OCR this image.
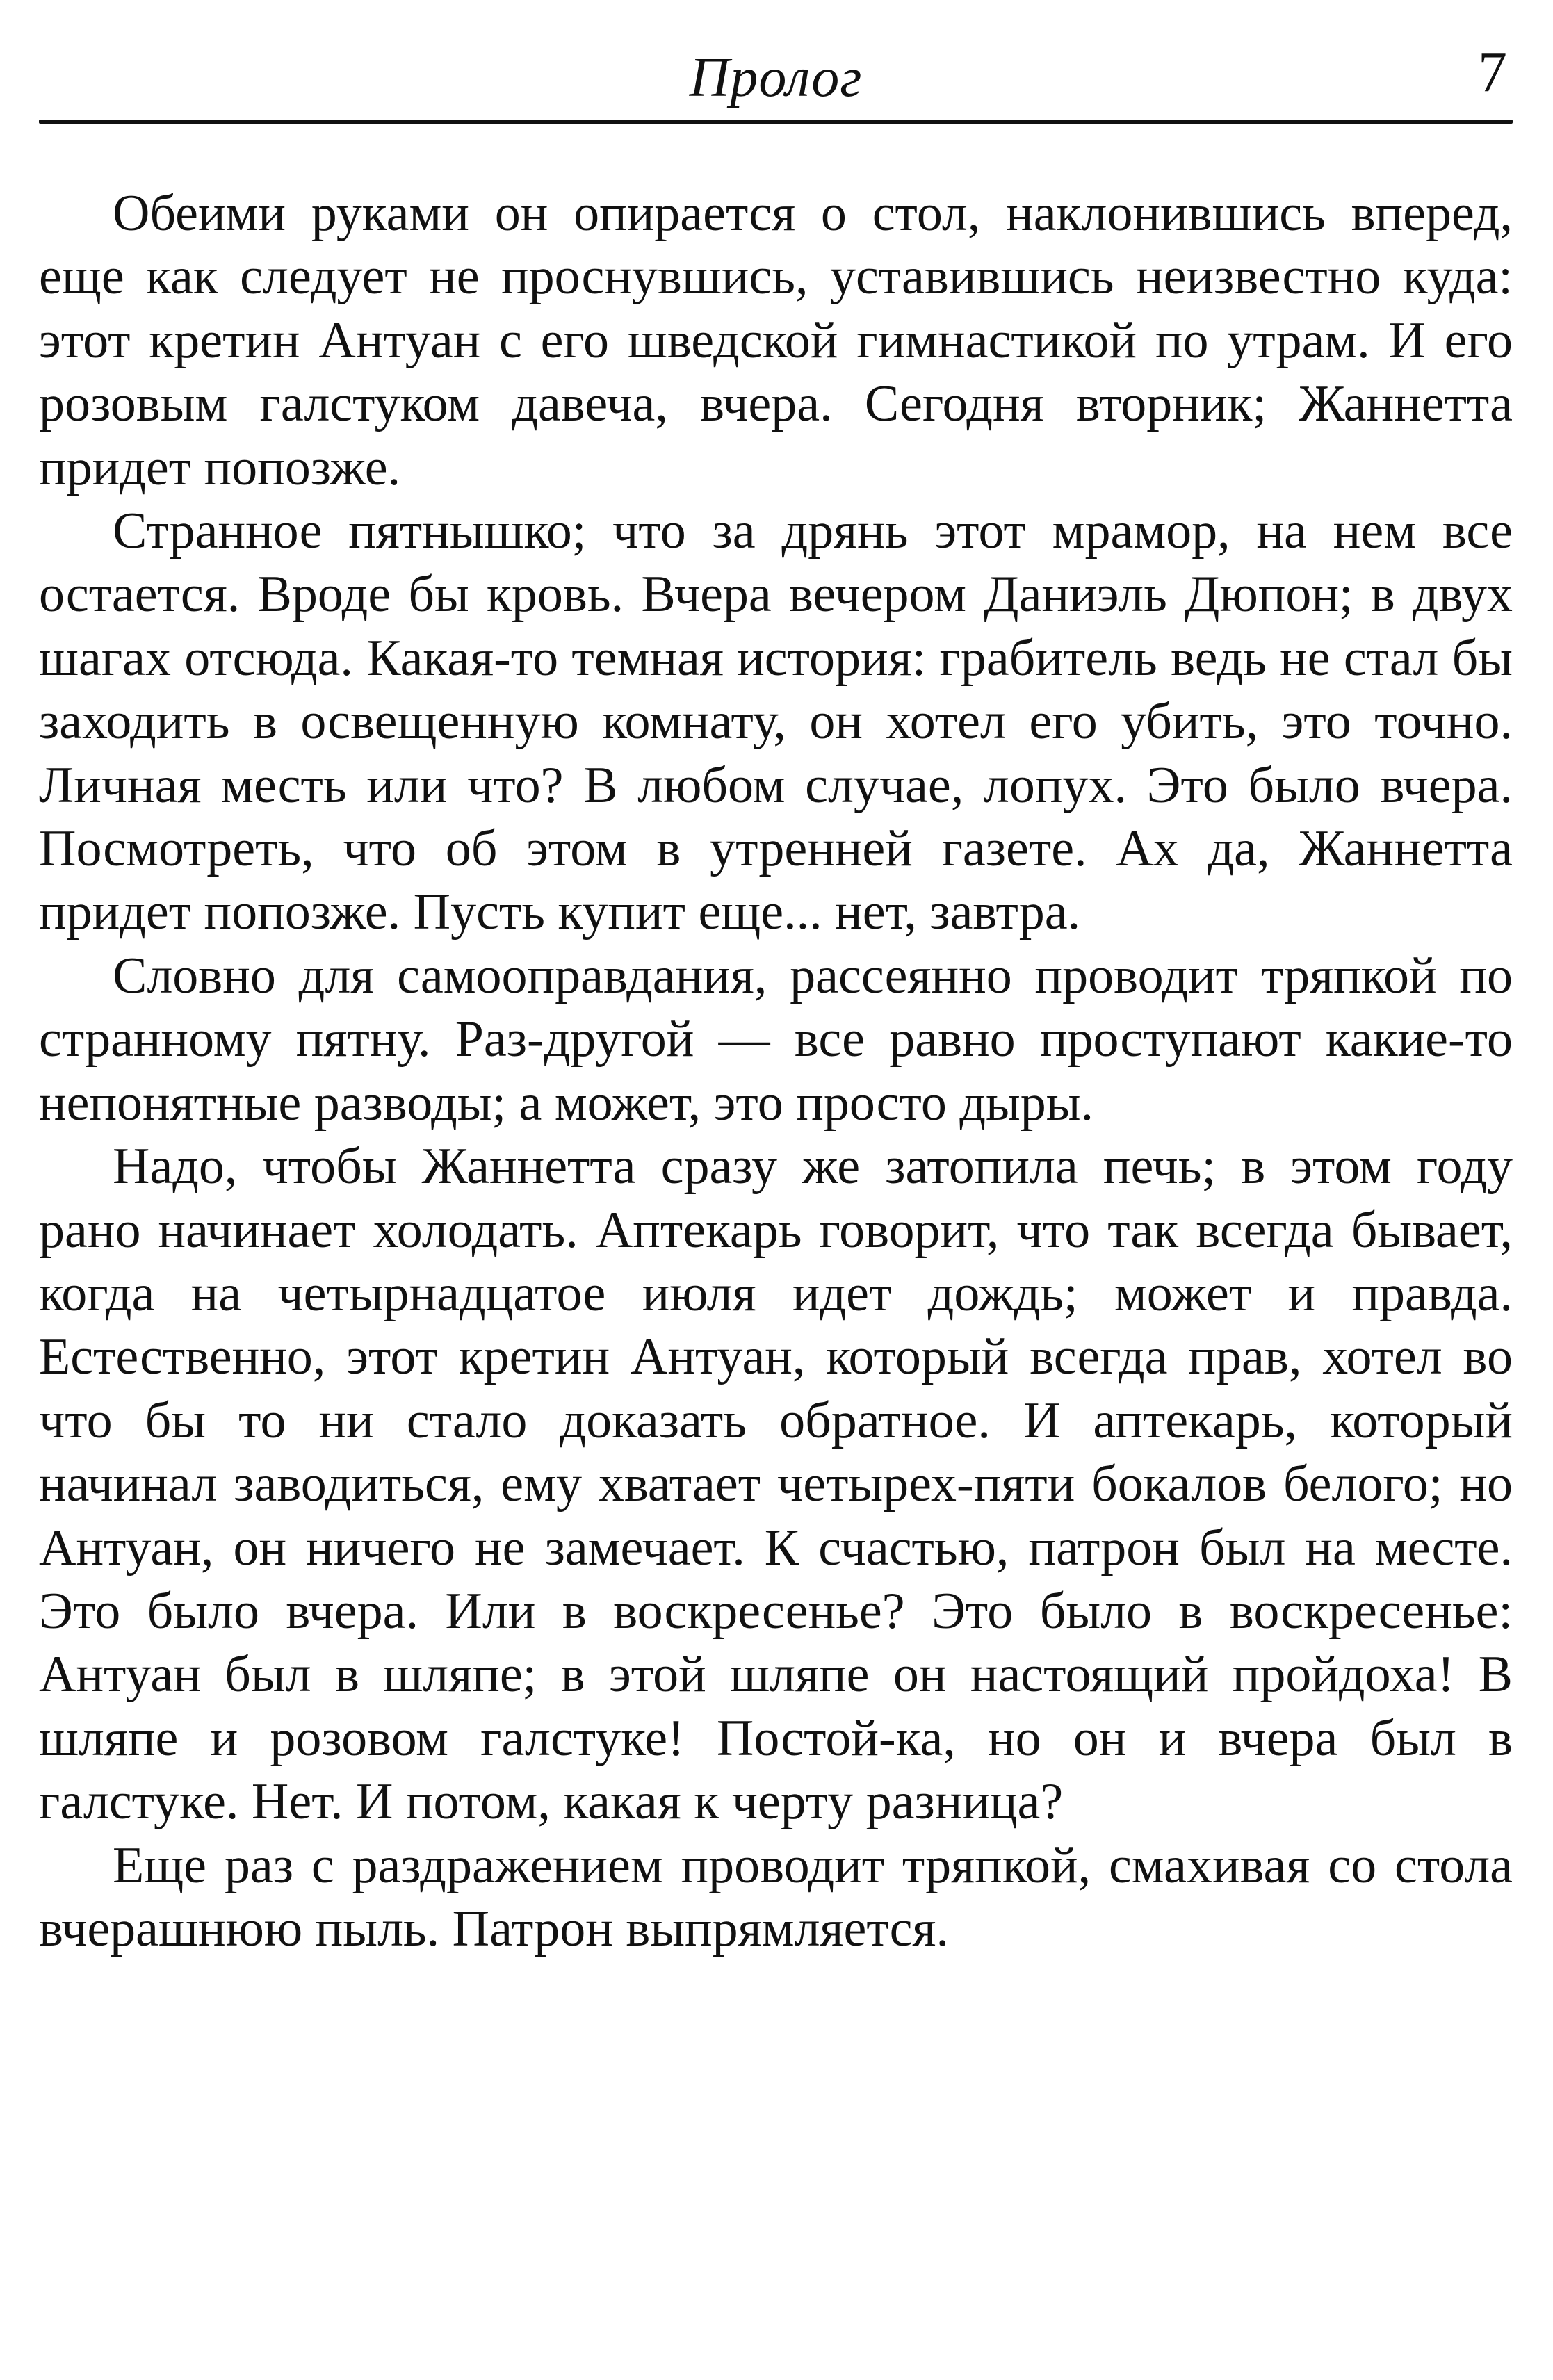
Пролог	7

Обеими руками он опирается о стол, наклонившись вперед, еще как следует не проснувшись, уставившись неизвестно куда: этот кретин Антуан с его шведской гимнастикой по утрам. И его розовым галстуком давеча, вчера. Сегодня вторник; Жаннетта придет попозже.

Странное пятнышко; что за дрянь этот мрамор, на нем все остается. Вроде бы кровь. Вчера вечером Даниэль Дюпон; в двух шагах отсюда. Какая-то темная история: грабитель ведь не стал бы заходить в освещенную комнату, он хотел его убить, это точно. Личная месть или что? В любом случае, лопух. Это было вчера. Посмотреть, что об этом в утренней газете. Ах да, Жаннетта придет попозже. Пусть купит еще... нет, завтра.

Словно для самооправдания, рассеянно проводит тряпкой по странному пятну. Раз-другой — все равно проступают какие-то непонятные разводы; а может, это просто дыры.

Надо, чтобы Жаннетта сразу же затопила печь; в этом году рано начинает холодать. Аптекарь говорит, что так всегда бывает, когда на четырнадцатое июля идет дождь; может и правда. Естественно, этот кретин Антуан, который всегда прав, хотел во что бы то ни стало доказать обратное. И аптекарь, который начинал заводиться, ему хватает четырех-пяти бокалов белого; но Антуан, он ничего не замечает. К счастью, патрон был на месте. Это было вчера. Или в воскресенье? Это было в воскресенье: Антуан был в шляпе; в этой шляпе он настоящий пройдоха! В шляпе и розовом галстуке! Постой-ка, но он и вчера был в галстуке. Нет. И потом, какая к черту разница?

Еще раз с раздражением проводит тряпкой, смахивая со стола вчерашнюю пыль. Патрон выпрямляется.
